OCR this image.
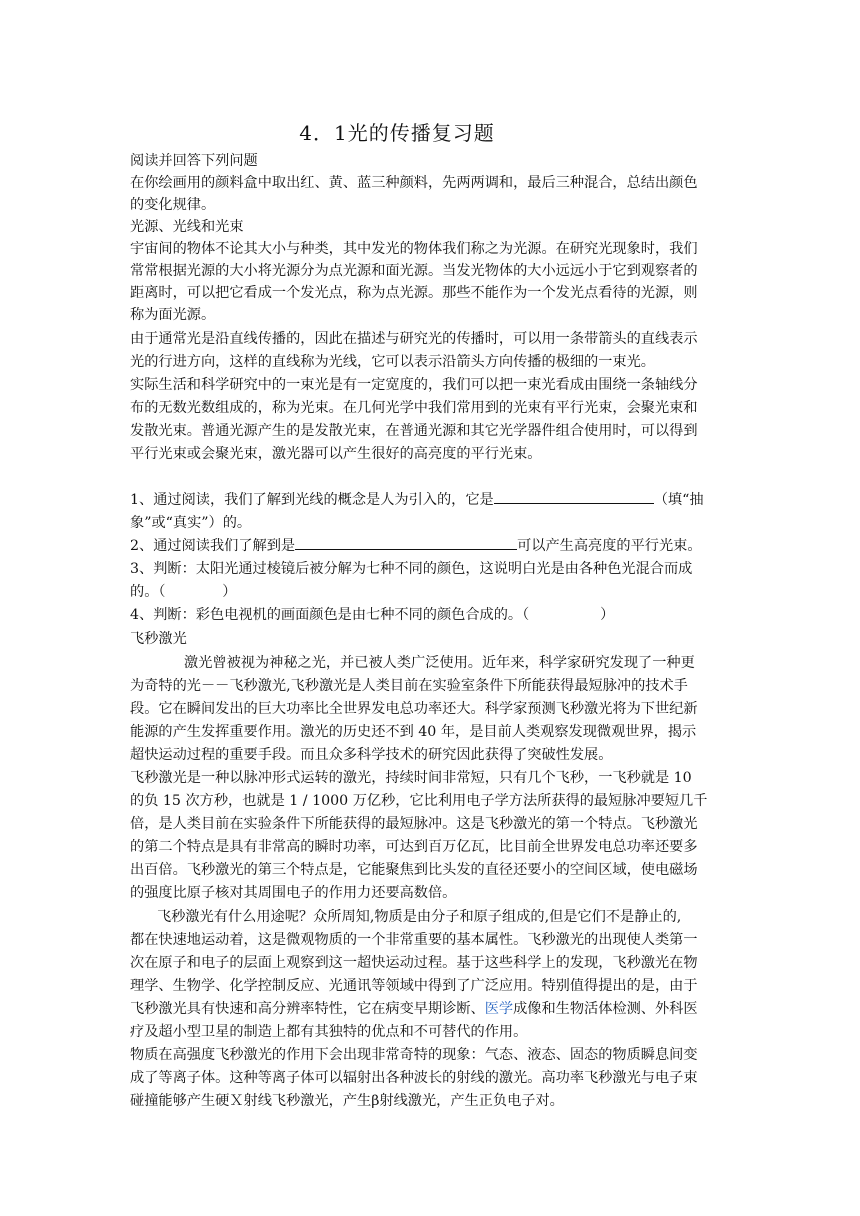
4．1光的传播复习题
阅读并回答下列问题
在你绘画用的颜料盒中取出红、黄、蓝三种颜料，先两两调和，最后三种混合，总结出颜色
的变化规律。
光源、光线和光束
宇宙间的物体不论其大小与种类，其中发光的物体我们称之为光源。在研究光现象时，我们
常常根据光源的大小将光源分为点光源和面光源。当发光物体的大小远远小于它到观察者的
距离时，可以把它看成一个发光点，称为点光源。那些不能作为一个发光点看待的光源，则
称为面光源。
由于通常光是沿直线传播的，因此在描述与研究光的传播时，可以用一条带箭头的直线表示
光的行进方向，这样的直线称为光线，它可以表示沿箭头方向传播的极细的一束光。
实际生活和科学研究中的一束光是有一定宽度的，我们可以把一束光看成由围绕一条轴线分
布的无数光数组成的，称为光束。在几何光学中我们常用到的光束有平行光束，会聚光束和
发散光束。普通光源产生的是发散光束，在普通光源和其它光学器件组合使用时，可以得到
平行光束或会聚光束，激光器可以产生很好的高亮度的平行光束。
1、通过阅读，我们了解到光线的概念是人为引入的，它是	（填“抽
象”或“真实”）的。
2、通过阅读我们了解到是	可以产生高亮度的平行光束。
3、判断：太阳光通过棱镜后被分解为七种不同的颜色，这说明白光是由各种色光混合而成
的。（　　　　）
4、判断：彩色电视机的画面颜色是由七种不同的颜色合成的。（　　　　　）
飞秒激光
激光曾被视为神秘之光，并已被人类广泛使用。近年来，科学家研究发现了一种更
为奇特的光－－飞秒激光,飞秒激光是人类目前在实验室条件下所能获得最短脉冲的技术手
段。它在瞬间发出的巨大功率比全世界发电总功率还大。科学家预测飞秒激光将为下世纪新
能源的产生发挥重要作用。激光的历史还不到 40 年，是目前人类观察发现微观世界，揭示
超快运动过程的重要手段。而且众多科学技术的研究因此获得了突破性发展。
飞秒激光是一种以脉冲形式运转的激光，持续时间非常短，只有几个飞秒，一飞秒就是 10
的负 15 次方秒，也就是 1 / 1000 万亿秒，它比利用电子学方法所获得的最短脉冲要短几千
倍，是人类目前在实验条件下所能获得的最短脉冲。这是飞秒激光的第一个特点。飞秒激光
的第二个特点是具有非常高的瞬时功率，可达到百万亿瓦，比目前全世界发电总功率还要多
出百倍。飞秒激光的第三个特点是，它能聚焦到比头发的直径还要小的空间区域，使电磁场
的强度比原子核对其周围电子的作用力还要高数倍。
飞秒激光有什么用途呢？众所周知,物质是由分子和原子组成的,但是它们不是静止的,
都在快速地运动着，这是微观物质的一个非常重要的基本属性。飞秒激光的出现使人类第一
次在原子和电子的层面上观察到这一超快运动过程。基于这些科学上的发现，飞秒激光在物
理学、生物学、化学控制反应、光通讯等领域中得到了广泛应用。特别值得提出的是，由于
飞秒激光具有快速和高分辨率特性，它在病变早期诊断、医学成像和生物活体检测、外科医
疗及超小型卫星的制造上都有其独特的优点和不可替代的作用。
物质在高强度飞秒激光的作用下会出现非常奇特的现象：气态、液态、固态的物质瞬息间变
成了等离子体。这种等离子体可以辐射出各种波长的射线的激光。高功率飞秒激光与电子束
碰撞能够产生硬Ｘ射线飞秒激光，产生β射线激光，产生正负电子对。
